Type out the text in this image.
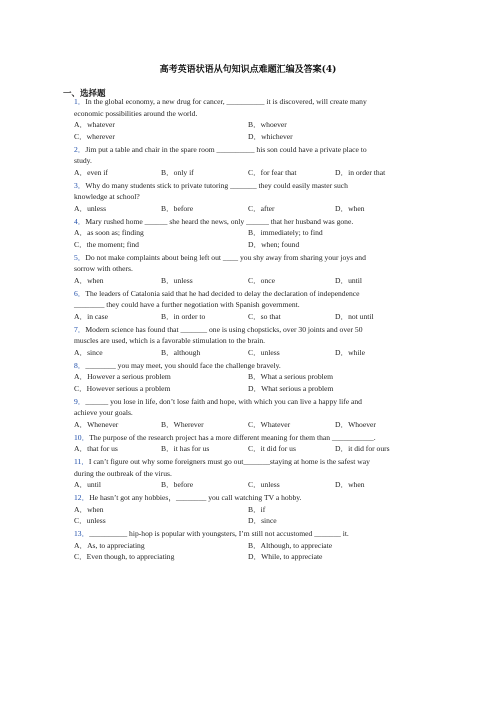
高考英语状语从句知识点难题汇编及答案(4)
一、选择题
1．In the global economy, a new drug for cancer, __________ it is discovered, will create many
economic possibilities around the world.
A．whatever	B．whoever
C．wherever	D．whichever
2．Jim put a table and chair in the spare room __________ his son could have a private place to
study.
A．even if	B．only if	C．for fear that	D．in order that
3．Why do many students stick to private tutoring _______ they could easily master such
knowledge at school?
A．unless	B．before	C．after	D．when
4．Mary rushed home ______ she heard the news, only ______ that her husband was gone.
A．as soon as; finding	B．immediately; to find
C．the moment; find	D．when; found
5．Do not make complaints about being left out ____ you shy away from sharing your joys and
sorrow with others.
A．when	B．unless	C．once	D．until
6．The leaders of Catalonia said that he had decided to delay the declaration of independence
________ they could have a further negotiation with Spanish government.
A．in case	B．in order to	C．so that	D．not until
7．Modern science has found that _______ one is using chopsticks, over 30 joints and over 50
muscles are used, which is a favorable stimulation to the brain.
A．since	B．although	C．unless	D．while
8．________ you may meet, you should face the challenge bravely.
A．However a serious problem	B．What a serious problem
C．However serious a problem	D．What serious a problem
9．______ you lose in life, don’t lose faith and hope, with which you can live a happy life and
achieve your goals.
A．Whenever	B．Wherever	C．Whatever	D．Whoever
10．The purpose of the research project has a more different meaning for them than ___________.
A．that for us	B．it has for us	C．it did for us	D．it did for ours
11．I can’t figure out why some foreigners must go out_______staying at home is the safest way
during the outbreak of the virus.
A．until	B．before	C．unless	D．when
12．He hasn’t got any hobbies，________ you call watching TV a hobby.
A．when	B．if
C．unless	D．since
13．__________ hip-hop is popular with youngsters, I’m still not accustomed _______ it.
A．As, to appreciating	B．Although, to appreciate
C．Even though, to appreciating	D．While, to appreciate
